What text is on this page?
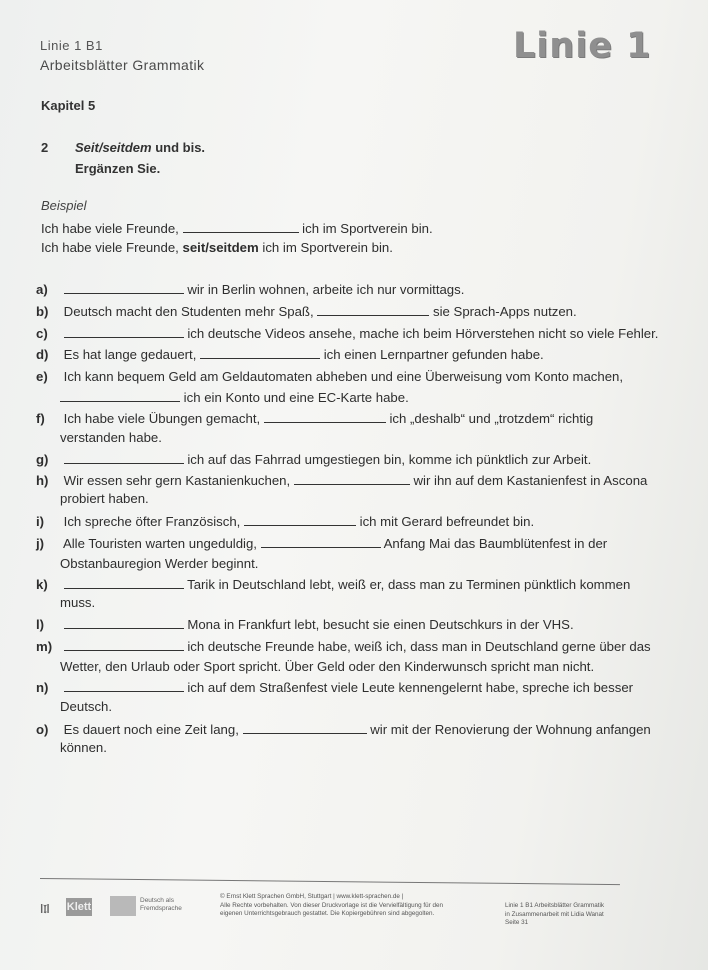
Linie 1 B1
Arbeitsblätter Grammatik	Linie 1
Kapitel 5
2 Seit/seitdem und bis.
Ergänzen Sie.
Beispiel
Ich habe viele Freunde,	ich im Sportverein bin.
Ich habe viele Freunde, seit/seitdem ich im Sportverein bin.
a)	wir in Berlin wohnen, arbeite ich nur vormittags.
b) Deutsch macht den Studenten mehr Spaß,	sie Sprach-Apps nutzen.
c)	ich deutsche Videos ansehe, mache ich beim Hörverstehen nicht so viele Fehler.
d) Es hat lange gedauert,	ich einen Lernpartner gefunden habe.
e) Ich kann bequem Geld am Geldautomaten abheben und eine Überweisung vom Konto machen,
ich ein Konto und eine EC-Karte habe.
f) Ich habe viele Übungen gemacht,	ich „deshalb“ und „trotzdem“ richtig
verstanden habe.
g)	ich auf das Fahrrad umgestiegen bin, komme ich pünktlich zur Arbeit.
h) Wir essen sehr gern Kastanienkuchen,	wir ihn auf dem Kastanienfest in Ascona
probiert haben.
i) Ich spreche öfter Französisch,	ich mit Gerard befreundet bin.
j) Alle Touristen warten ungeduldig,	Anfang Mai das Baumblütenfest in der
Obstanbauregion Werder beginnt.
k)	Tarik in Deutschland lebt, weiß er, dass man zu Terminen pünktlich kommen
muss.
l)	Mona in Frankfurt lebt, besucht sie einen Deutschkurs in der VHS.
m)	ich deutsche Freunde habe, weiß ich, dass man in Deutschland gerne über das
Wetter, den Urlaub oder Sport spricht. Über Geld oder den Kinderwunsch spricht man nicht.
n)	ich auf dem Straßenfest viele Leute kennengelernt habe, spreche ich besser
Deutsch.
o) Es dauert noch eine Zeit lang,	wir mit der Renovierung der Wohnung anfangen
können.
ǀ𝔩ǀ Klett
Deutsch als Fremdsprache
© Ernst Klett Sprachen GmbH, Stuttgart | www.klett-sprachen.de |
Alle Rechte vorbehalten. Von dieser Druckvorlage ist die Vervielfältigung für den
eigenen Unterrichtsgebrauch gestattet. Die Kopiergebühren sind abgegolten.
Linie 1 B1 Arbeitsblätter Grammatik
in Zusammenarbeit mit Lidia Wanat
Seite 31
